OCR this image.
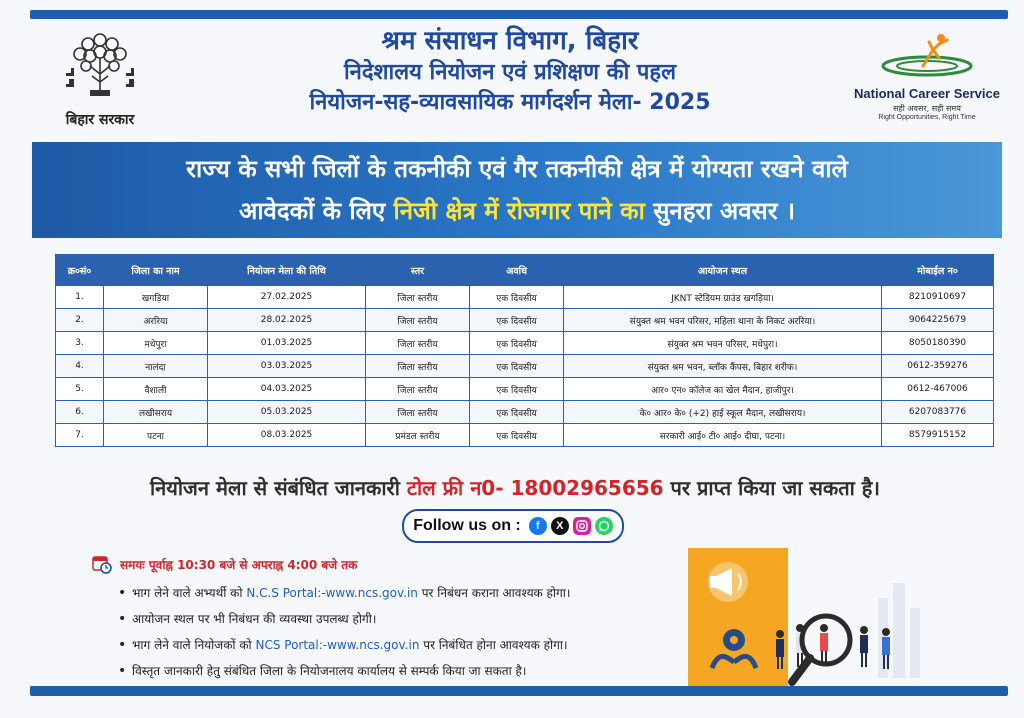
बिहार सरकार
श्रम संसाधन विभाग, बिहार
निदेशालय नियोजन एवं प्रशिक्षण की पहल
नियोजन-सह-व्यावसायिक मार्गदर्शन मेला- 2025	National Career Service
सही अवसर, सही समय
Right Opportunities, Right Time
राज्य के सभी जिलों के तकनीकी एवं गैर तकनीकी क्षेत्र में योग्यता रखने वाले
आवेदकों के लिए निजी क्षेत्र में रोजगार पाने का सुनहरा अवसर ।
क्र०सं०	जिला का नाम	नियोजन मेला की तिथि	स्तर	अवधि	आयोजन स्थल	मोबाईल न०
1.	खगड़िया	27.02.2025	जिला स्तरीय	एक दिवसीय	JKNT स्टेडियम ग्राउंड खगड़िया।	8210910697
2.	अररिया	28.02.2025	जिला स्तरीय	एक दिवसीय	संयुक्त श्रम भवन परिसर, महिला थाना के निकट अररिया।	9064225679
3.	मधेपुरा	01.03.2025	जिला स्तरीय	एक दिवसीय	संयुक्त श्रम भवन परिसर, मधेपुरा।	8050180390
4.	नालंदा	03.03.2025	जिला स्तरीय	एक दिवसीय	संयुक्त श्रम भवन, ब्लॉक कैंपस, बिहार शरीफ।	0612-359276
5.	वैशाली	04.03.2025	जिला स्तरीय	एक दिवसीय	आर० एन० कॉलेज का खेल मैदान, हाजीपुर।	0612-467006
6.	लखीसराय	05.03.2025	जिला स्तरीय	एक दिवसीय	के० आर० के० (+2) हाई स्कूल मैदान, लखीसराय।	6207083776
7.	पटना	08.03.2025	प्रमंडल स्तरीय	एक दिवसीय	सरकारी आई० टी० आई० दीघा, पटना।	8579915152
नियोजन मेला से संबंधित जानकारी टोल फ्री न0- 18002965656 पर प्राप्त किया जा सकता है।
Follow us on :	f	X
समयः पूर्वाह्न 10:30 बजे से अपराह्न 4:00 बजे तक
• भाग लेने वाले अभ्यर्थी को N.C.S Portal:-www.ncs.gov.in पर निबंधन कराना आवश्यक होगा।
• आयोजन स्थल पर भी निबंधन की व्यवस्था उपलब्ध होगी।
• भाग लेने वाले नियोजकों को NCS Portal:-www.ncs.gov.in पर निबंधित होना आवश्यक होगा।
• विस्तृत जानकारी हेतु संबंधित जिला के नियोजनालय कार्यालय से सम्पर्क किया जा सकता है।
